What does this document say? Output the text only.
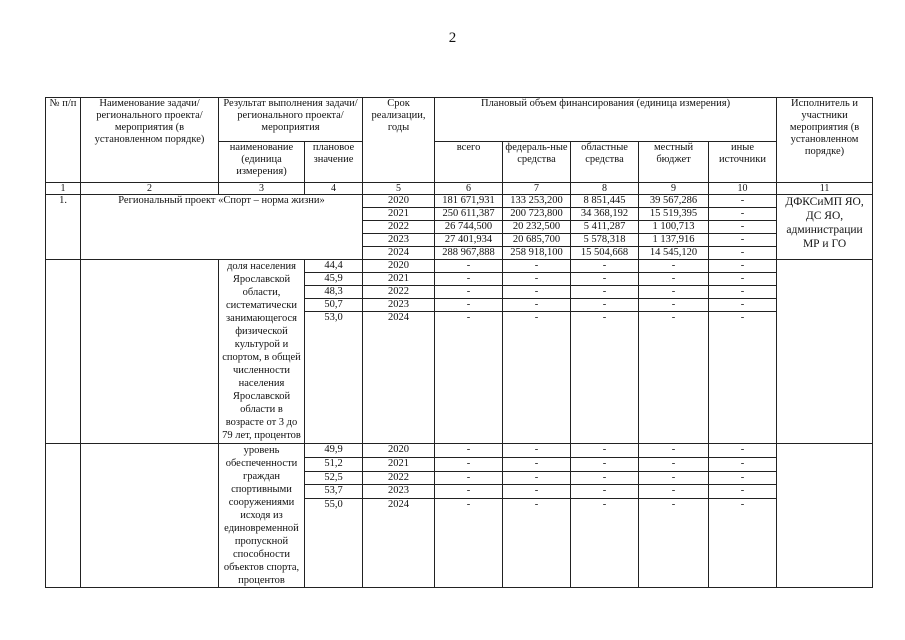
2
№ п/п	Наименование задачи/ регионального проекта/ мероприятия (в установленном порядке)	Результат выполнения задачи/ регионального проекта/ мероприятия		Срок реализации, годы	Плановый объем финансирования (единица измерения)					Исполнитель и участники мероприятия (в установленном порядке)
		наименование (единица измерения)	плановое значение		всего	федераль-ные средства	областные средства	местный бюджет	иные источники	
1	2	3	4	5	6	7	8	9	10	11
1.	Региональный проект «Спорт – норма жизни»			2020	181 671,931	133 253,200	8 851,445	39 567,286	-	ДФКСиМП ЯО, ДС ЯО, администрации МР и ГО
				2021	250 611,387	200 723,800	34 368,192	15 519,395	-	
				2022	26 744,500	20 232,500	5 411,287	1 100,713	-	
				2023	27 401,934	20 685,700	5 578,318	1 137,916	-	
				2024	288 967,888	258 918,100	15 504,668	14 545,120	-	
		доля населения Ярославской области, систематически занимающегося физической культурой и спортом, в общей численности населения Ярославской области в возрасте от 3 до 79 лет, процентов	44,4	2020	-	-	-	-	-	
			45,9	2021	-	-	-	-	-	
			48,3	2022	-	-	-	-	-	
			50,7	2023	-	-	-	-	-	
			53,0	2024	-	-	-	-	-	
		уровень обеспеченности граждан спортивными сооружениями исходя из единовременной пропускной способности объектов спорта, процентов	49,9	2020	-	-	-	-	-	
			51,2	2021	-	-	-	-	-	
			52,5	2022	-	-	-	-	-	
			53,7	2023	-	-	-	-	-	
			55,0	2024	-	-	-	-	-	
